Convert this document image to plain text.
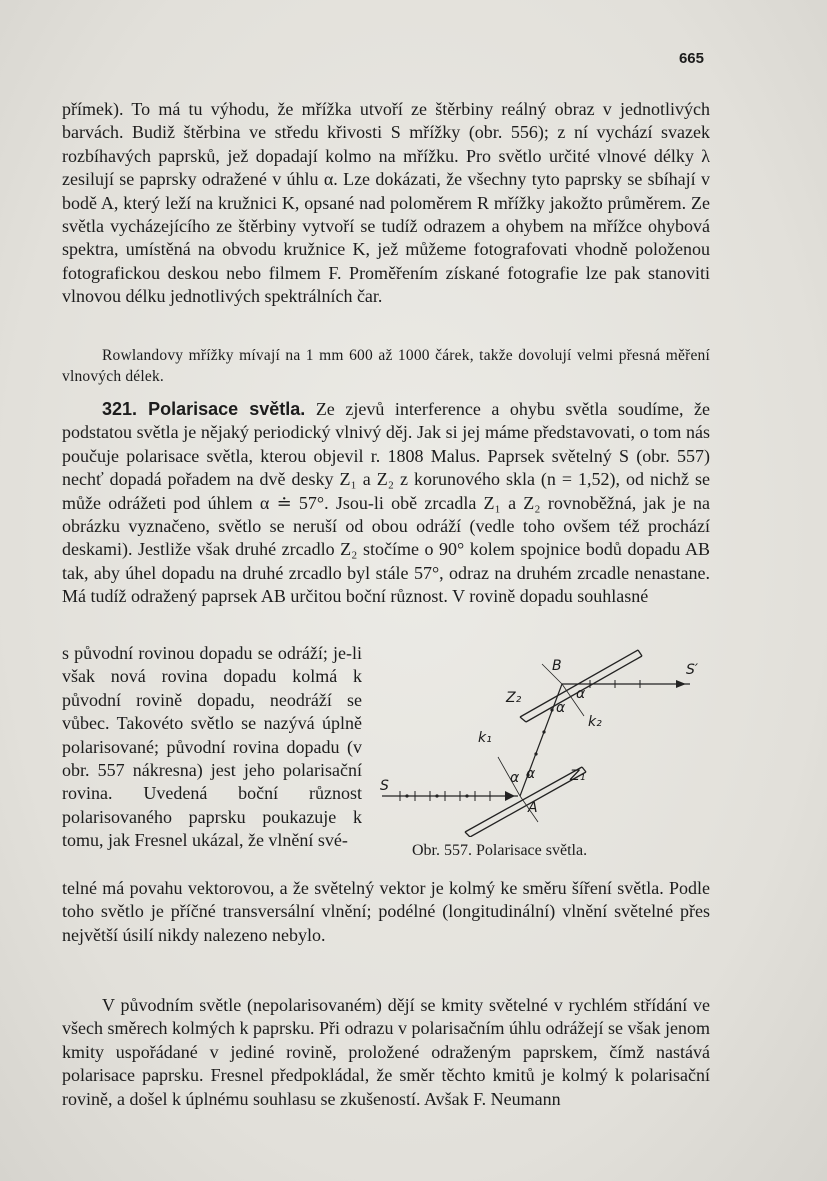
665

přímek). To má tu výhodu, že mřížka utvoří ze štěrbiny reálný obraz v jednotlivých barvách. Budiž štěrbina ve středu křivosti S mřížky (obr. 556); z ní vychází svazek rozbíhavých paprsků, jež dopadají kolmo na mřížku. Pro světlo určité vlnové délky λ zesilují se paprsky odražené v úhlu α. Lze dokázati, že všechny tyto paprsky se sbíhají v bodě A, který leží na kružnici K, opsané nad poloměrem R mřížky jakožto průměrem. Ze světla vycházejícího ze štěrbiny vytvoří se tudíž odrazem a ohybem na mřížce ohybová spektra, umístěná na obvodu kružnice K, jež můžeme fotografovati vhodně položenou fotografickou deskou nebo filmem F. Proměřením získané fotografie lze pak stanoviti vlnovou délku jednotlivých spektrálních čar.

Rowlandovy mřížky mívají na 1 mm 600 až 1000 čárek, takže dovolují velmi přesná měření vlnových délek.
321. Polarisace světla. Ze zjevů interference a ohybu světla soudíme, že podstatou světla je nějaký periodický vlnivý děj. Jak si jej máme představovati, o tom nás poučuje polarisace světla, kterou objevil r. 1808 Malus. Paprsek světelný S (obr. 557) nechť dopadá pořadem na dvě desky Z₁ a Z₂ z korunového skla (n = 1,52), od nichž se může odrážeti pod úhlem α ≐ 57°. Jsou-li obě zrcadla Z₁ a Z₂ rovnoběžná, jak je na obrázku vyznačeno, světlo se neruší od obou odráží (vedle toho ovšem též prochází deskami). Jestliže však druhé zrcadlo Z₂ stočíme o 90° kolem spojnice bodů dopadu AB tak, aby úhel dopadu na druhé zrcadlo byl stále 57°, odraz na druhém zrcadle nenastane. Má tudíž odražený paprsek AB určitou boční různost. V rovině dopadu souhlasné
s původní rovinou dopadu se odráží; je-li však nová rovina dopadu kolmá k původní rovině dopadu, neodráží se vůbec. Takovéto světlo se nazývá úplně polarisované; původní rovina dopadu (v obr. 557 nákresna) jest jeho polarisační rovina. Uvedená boční různost polarisovaného paprsku poukazuje k tomu, jak Fresnel ukázal, že vlnění své-
B	S′
Z₂	α
α
k₂
k₁
α α Z₁
S
A
Obr. 557. Polarisace světla.
telné má povahu vektorovou, a že světelný vektor je kolmý ke směru šíření světla. Podle toho světlo je příčné transversální vlnění; podélné (longitudinální) vlnění světelné přes největší úsilí nikdy nalezeno nebylo.
V původním světle (nepolarisovaném) dějí se kmity světelné v rychlém střídání ve všech směrech kolmých k paprsku. Při odrazu v polarisačním úhlu odrážejí se však jenom kmity uspořádané v jediné rovině, proložené odraženým paprskem, čímž nastává polarisace paprsku. Fresnel předpokládal, že směr těchto kmitů je kolmý k polarisační rovině, a došel k úplnému souhlasu se zkušeností. Avšak F. Neumann
